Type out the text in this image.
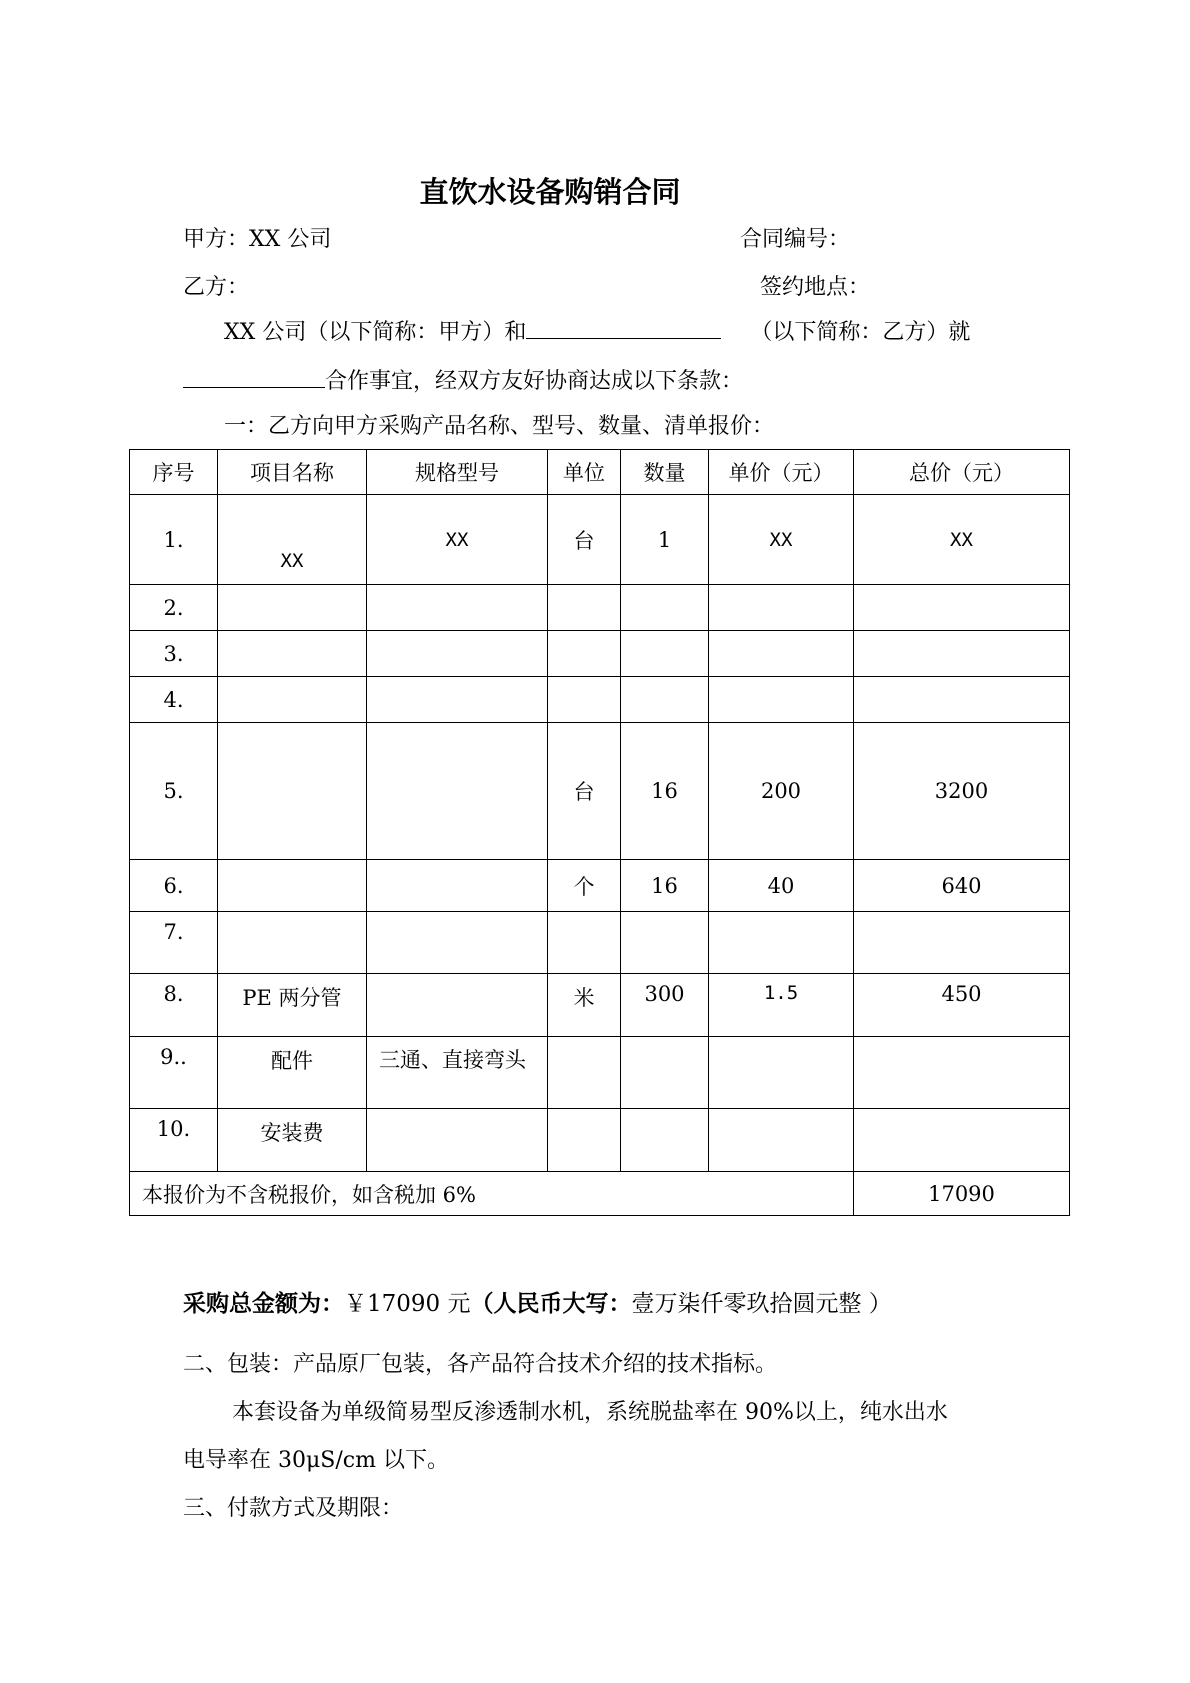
直饮水设备购销合同
甲方：XX 公司	合同编号：
乙方：	签约地点：
XX 公司（以下简称：甲方）和	（以下简称：乙方）就
合作事宜，经双方友好协商达成以下条款：
一：乙方向甲方采购产品名称、型号、数量、清单报价：
序号	项目名称	规格型号	单位	数量	单价（元）	总价（元）
1.	XX	XX	台	1	XX	XX
2.						
3.						
4.						
5.			台	16	200	3200
6.			个	16	40	640
7.						
8.	PE 两分管		米	300	1.5	450
9..	配件	三通、直接弯头				
10.	安装费					
本报价为不含税报价，如含税加 6%						17090
采购总金额为：￥17090 元（人民币大写：壹万柒仟零玖拾圆元整 ）
二、包装：产品原厂包装，各产品符合技术介绍的技术指标。
本套设备为单级简易型反渗透制水机，系统脱盐率在 90%以上，纯水出水
电导率在 30μS/cm 以下。
三、付款方式及期限：
